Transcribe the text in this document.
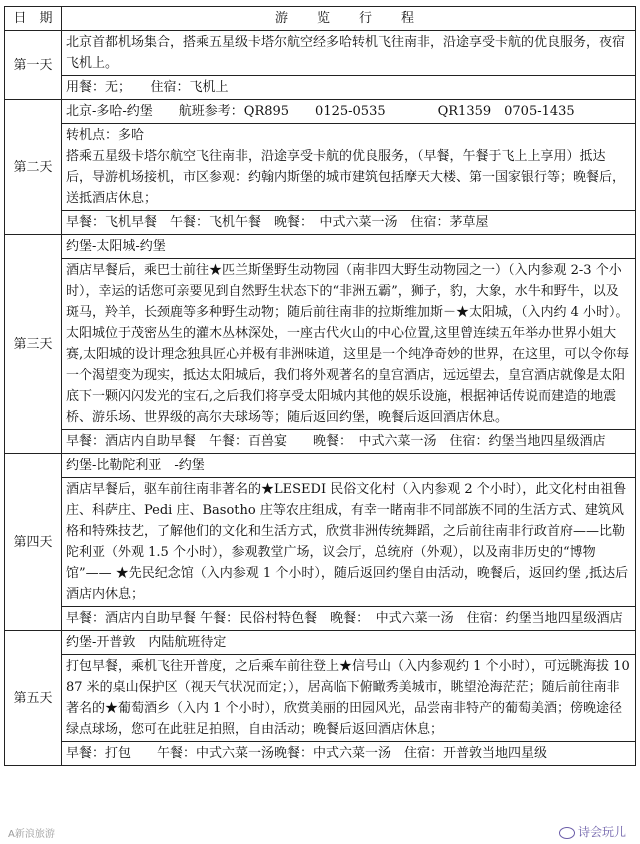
日　期	游　览　行　程
第一天	北京首都机场集合，搭乘五星级卡塔尔航空经多哈转机飞往南非，沿途享受卡航的优良服务，夜宿飞机上。
用餐：无；　　住宿：飞机上

第二天	北京-多哈-约堡　　航班参考：QR895　　0125-0535　　　　QR1359　0705-1435
转机点：多哈
搭乘五星级卡塔尔航空飞往南非，沿途享受卡航的优良服务，（早餐，午餐于飞上上享用）抵达后，导游机场接机，市区参观：约翰内斯堡的城市建筑包括摩天大楼、第一国家银行等；晚餐后，送抵酒店休息；
早餐：飞机早餐　午餐：飞机午餐　晚餐：　中式六菜一汤　住宿：茅草屋

第三天	约堡-太阳城-约堡
酒店早餐后，乘巴士前往★匹兰斯堡野生动物园（南非四大野生动物园之一）（入内参观 2-3 个小时），幸运的话您可亲要见到自然野生状态下的“非洲五霸”，狮子，豹，大象，水牛和野牛，以及斑马，羚羊，长颈鹿等多种野生动物；随后前往南非的拉斯维加斯－★太阳城，（入内约 4 小时）。太阳城位于茂密丛生的灌木丛林深处，一座古代火山的中心位置,这里曾连续五年举办世界小姐大赛,太阳城的设计理念独具匠心并极有非洲味道，这里是一个纯净奇妙的世界，在这里，可以令你每一个渴望变为现实，抵达太阳城后，我们将外观著名的皇宫酒店，远远望去，皇宫酒店就像是太阳底下一颗闪闪发光的宝石,之后我们将享受太阳城内其他的娱乐设施，根据神话传说而建造的地震桥、游乐场、世界级的高尔夫球场等；随后返回约堡，晚餐后返回酒店休息。
早餐：酒店内自助早餐　午餐：百兽宴　　晚餐：　中式六菜一汤　住宿：约堡当地四星级酒店

第四天	约堡-比勒陀利亚　-约堡
酒店早餐后，驱车前往南非著名的★LESEDI 民俗文化村（入内参观 2 个小时），此文化村由祖鲁庄、科萨庄、Pedi 庄、Basotho 庄等农庄组成，有幸一睹南非不同部族不同的生活方式、建筑风格和特殊技艺，了解他们的文化和生活方式，欣赏非洲传统舞蹈，之后前往南非行政首府——比勒陀利亚（外观 1.5 个小时），参观教堂广场，议会厅，总统府（外观），以及南非历史的“博物馆”—— ★先民纪念馆（入内参观 1 个小时），随后返回约堡自由活动，晚餐后，返回约堡 ,抵达后酒店内休息；
早餐：酒店内自助早餐 午餐：民俗村特色餐　晚餐：　中式六菜一汤　住宿：约堡当地四星级酒店

第五天	约堡-开普敦　内陆航班待定
打包早餐，乘机飞往开普度，之后乘车前往登上★信号山（入内参观约 1 个小时），可远眺海拔 1087 米的桌山保护区（视天气状况而定；），居高临下俯瞰秀美城市，眺望沧海茫茫；随后前往南非著名的★葡萄酒乡（入内 1 个小时），欣赏美丽的田园风光，品尝南非特产的葡萄美酒；傍晚途径绿点球场，您可在此驻足拍照，自由活动；晚餐后返回酒店休息；
早餐：打包　　午餐：中式六菜一汤晚餐：中式六菜一汤　住宿：开普敦当地四星级
A新浪旅游	诗会玩儿
